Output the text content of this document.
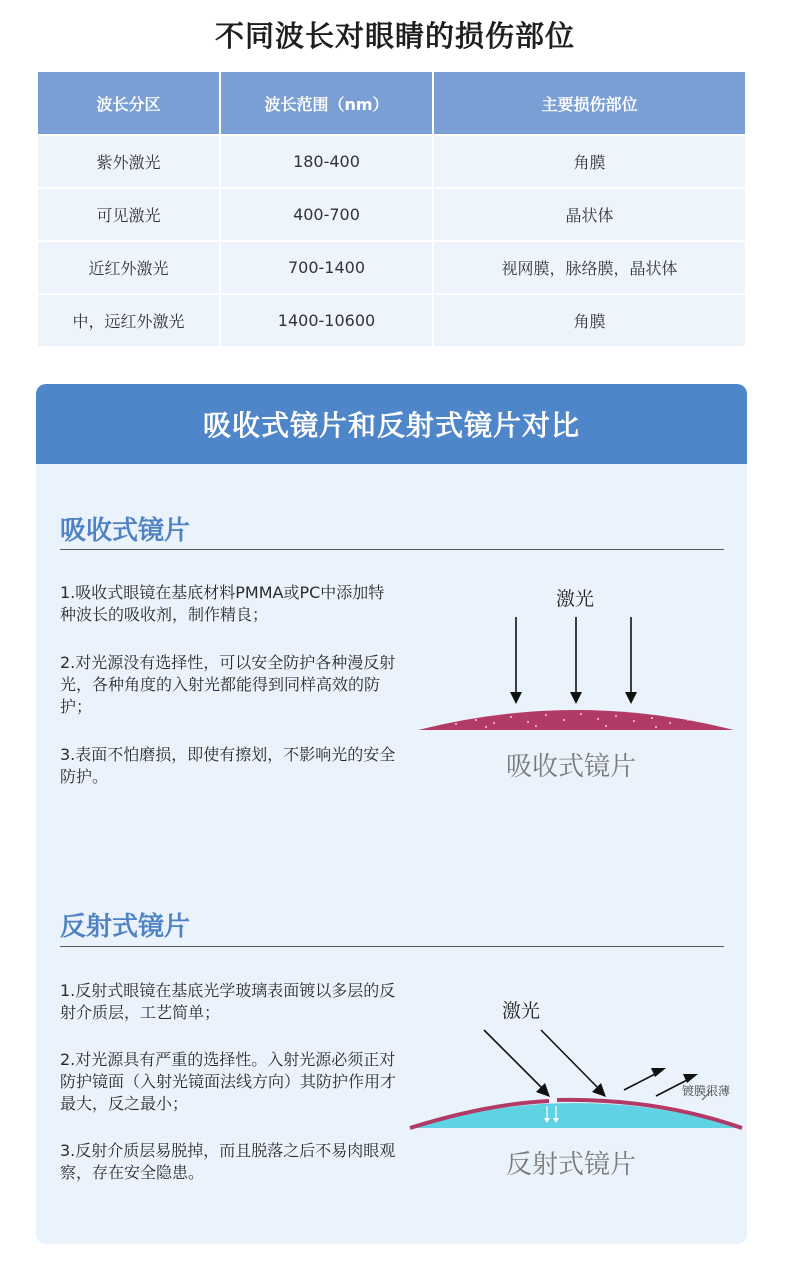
不同波长对眼睛的损伤部位
波长分区	波长范围（nm）	主要损伤部位
紫外激光	180-400	角膜
可见激光	400-700	晶状体
近红外激光	700-1400	视网膜，脉络膜，晶状体
中，远红外激光	1400-10600	角膜
吸收式镜片和反射式镜片对比
吸收式镜片

1.吸收式眼镜在基底材料PMMA或PC中添加特种波长的吸收剂，制作精良；

2.对光源没有选择性，可以安全防护各种漫反射光，各种角度的入射光都能得到同样高效的防护；

3.表面不怕磨损，即使有擦划，不影响光的安全防护。

激光
吸收式镜片
反射式镜片

1.反射式眼镜在基底光学玻璃表面镀以多层的反射介质层，工艺简单；

2.对光源具有严重的选择性。入射光源必须正对防护镜面（入射光镜面法线方向）其防护作用才最大，反之最小；

3.反射介质层易脱掉，而且脱落之后不易肉眼观察，存在安全隐患。

激光
镀膜很薄
反射式镜片
